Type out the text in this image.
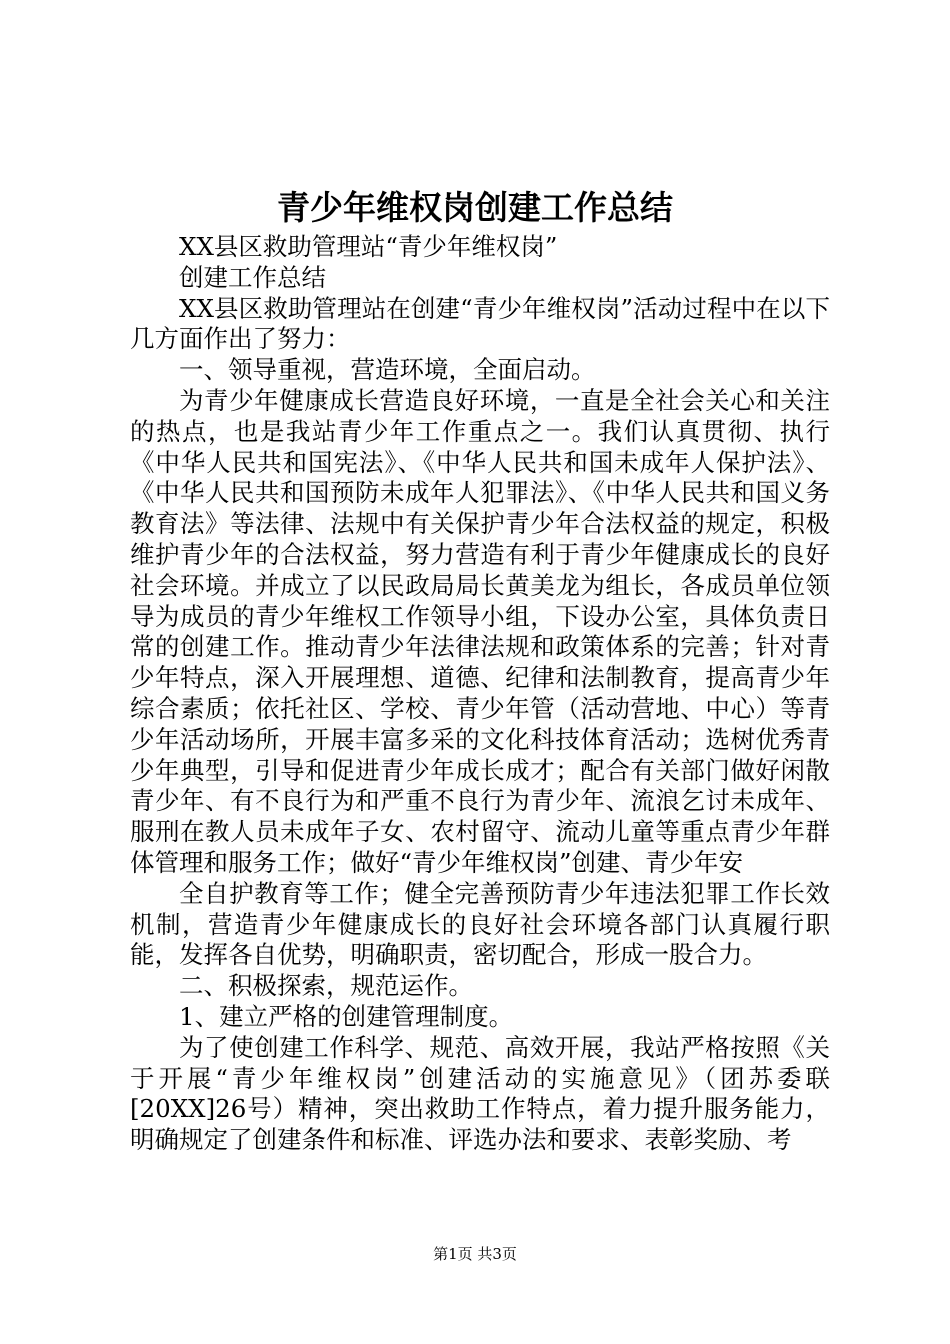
青少年维权岗创建工作总结

XX县区救助管理站“青少年维权岗”

创建工作总结

XX县区救助管理站在创建“青少年维权岗”活动过程中在以下几方面作出了努力：

一、领导重视，营造环境，全面启动。

为青少年健康成长营造良好环境，一直是全社会关心和关注的热点，也是我站青少年工作重点之一。我们认真贯彻、执行《中华人民共和国宪法》、《中华人民共和国未成年人保护法》、《中华人民共和国预防未成年人犯罪法》、《中华人民共和国义务教育法》等法律、法规中有关保护青少年合法权益的规定，积极维护青少年的合法权益，努力营造有利于青少年健康成长的良好社会环境。并成立了以民政局局长黄美龙为组长，各成员单位领导为成员的青少年维权工作领导小组，下设办公室，具体负责日常的创建工作。推动青少年法律法规和政策体系的完善；针对青少年特点，深入开展理想、道德、纪律和法制教育，提高青少年综合素质；依托社区、学校、青少年管（活动营地、中心）等青少年活动场所，开展丰富多采的文化科技体育活动；选树优秀青少年典型，引导和促进青少年成长成才；配合有关部门做好闲散青少年、有不良行为和严重不良行为青少年、流浪乞讨未成年、服刑在教人员未成年子女、农村留守、流动儿童等重点青少年群体管理和服务工作；做好“青少年维权岗”创建、青少年安

全自护教育等工作；健全完善预防青少年违法犯罪工作长效机制，营造青少年健康成长的良好社会环境各部门认真履行职能，发挥各自优势，明确职责，密切配合，形成一股合力。

二、积极探索，规范运作。

1、建立严格的创建管理制度。

为了使创建工作科学、规范、高效开展，我站严格按照《关于开展“青少年维权岗”创建活动的实施意见》（团苏委联[20XX]26号）精神，突出救助工作特点，着力提升服务能力，明确规定了创建条件和标准、评选办法和要求、表彰奖励、考

第1页 共3页
